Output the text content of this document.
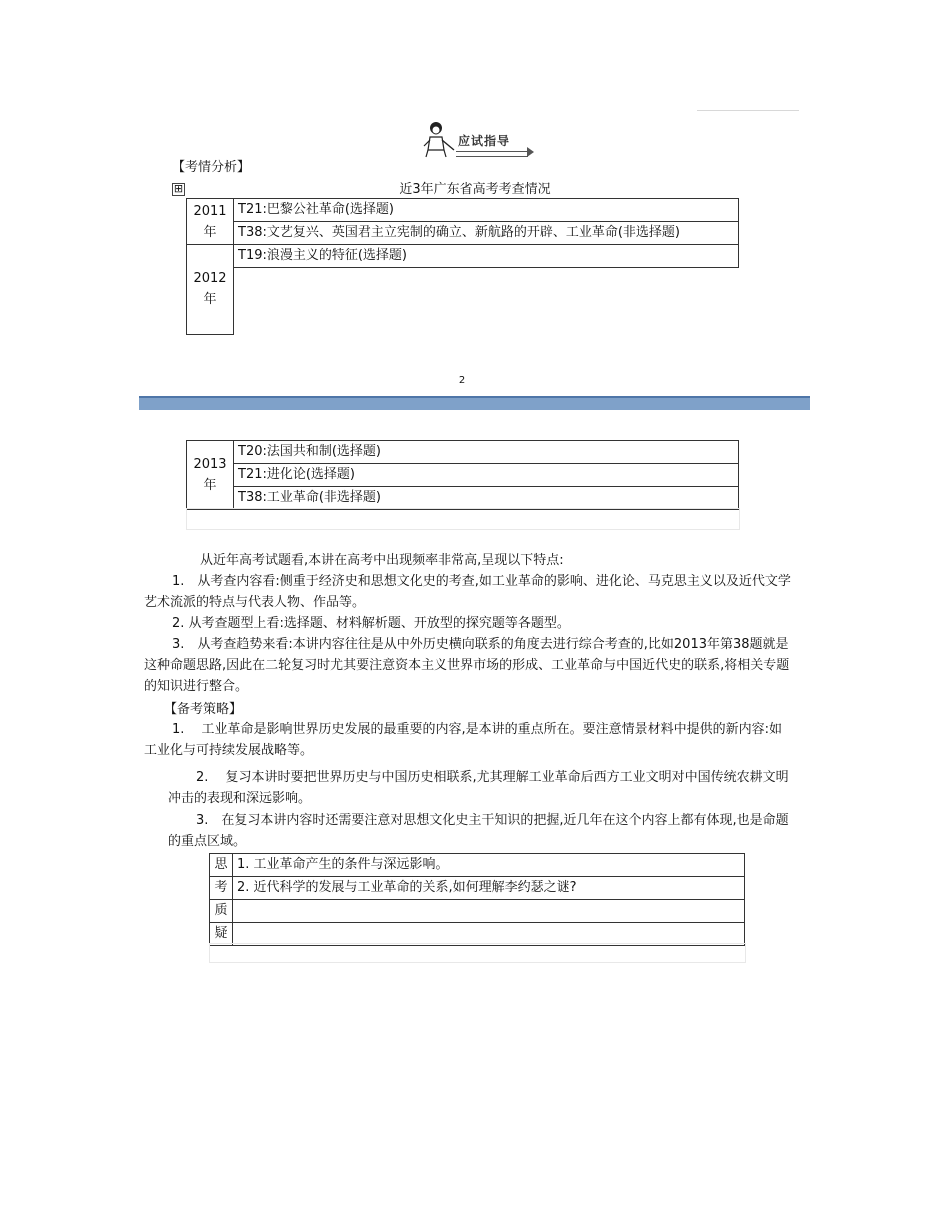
应试指导
【考情分析】
⊞	近3年广东省高考考查情况
2011
年	T21:巴黎公社革命(选择题)
	T38:文艺复兴、英国君主立宪制的确立、新航路的开辟、工业革命(非选择题)
2012
年	T19:浪漫主义的特征(选择题)

2
2013
年	T20:法国共和制(选择题)
T21:进化论(选择题)
T38:工业革命(非选择题)
从近年高考试题看,本讲在高考中出现频率非常高,呈现以下特点:
1.　从考查内容看:侧重于经济史和思想文化史的考查,如工业革命的影响、进化论、马克思主义以及近代文学艺术流派的特点与代表人物、作品等。
2. 从考查题型上看:选择题、材料解析题、开放型的探究题等各题型。
3.　从考查趋势来看:本讲内容往往是从中外历史横向联系的角度去进行综合考查的,比如2013年第38题就是这种命题思路,因此在二轮复习时尤其要注意资本主义世界市场的形成、工业革命与中国近代史的联系,将相关专题的知识进行整合。
【备考策略】
1.　 工业革命是影响世界历史发展的最重要的内容,是本讲的重点所在。要注意情景材料中提供的新内容:如工业化与可持续发展战略等。
2.　 复习本讲时要把世界历史与中国历史相联系,尤其理解工业革命后西方工业文明对中国传统农耕文明冲击的表现和深远影响。
3.　在复习本讲内容时还需要注意对思想文化史主干知识的把握,近几年在这个内容上都有体现,也是命题的重点区域。
思	1. 工业革命产生的条件与深远影响。
考	2. 近代科学的发展与工业革命的关系,如何理解李约瑟之谜?
质	
疑	
